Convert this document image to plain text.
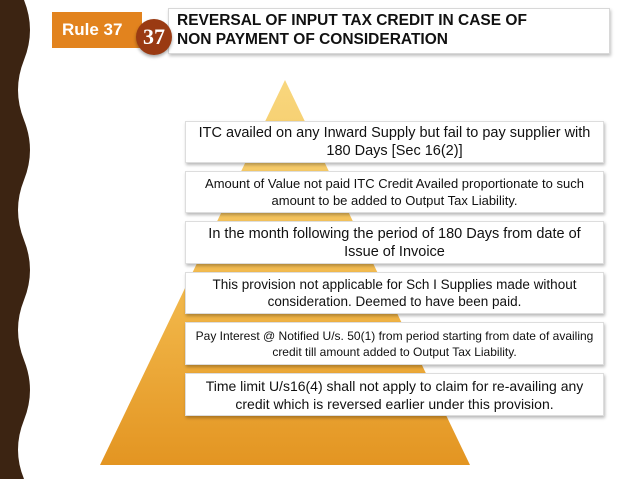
Rule 37	REVERSAL OF INPUT TAX CREDIT IN CASE OF
NON PAYMENT OF CONSIDERATION
37
ITC availed on any Inward Supply but fail to pay supplier with 180 Days [Sec 16(2)]
Amount of Value not paid ITC Credit Availed proportionate to such amount to be added to Output Tax Liability.
In the month following the period of 180 Days from date of Issue of Invoice
This provision not applicable for Sch I Supplies made without consideration. Deemed to have been paid.
Pay Interest @ Notified U/s. 50(1) from period starting from date of availing credit till amount added to Output Tax Liability.
Time limit U/s16(4) shall not apply to claim for re-availing any credit which is reversed earlier under this provision.
